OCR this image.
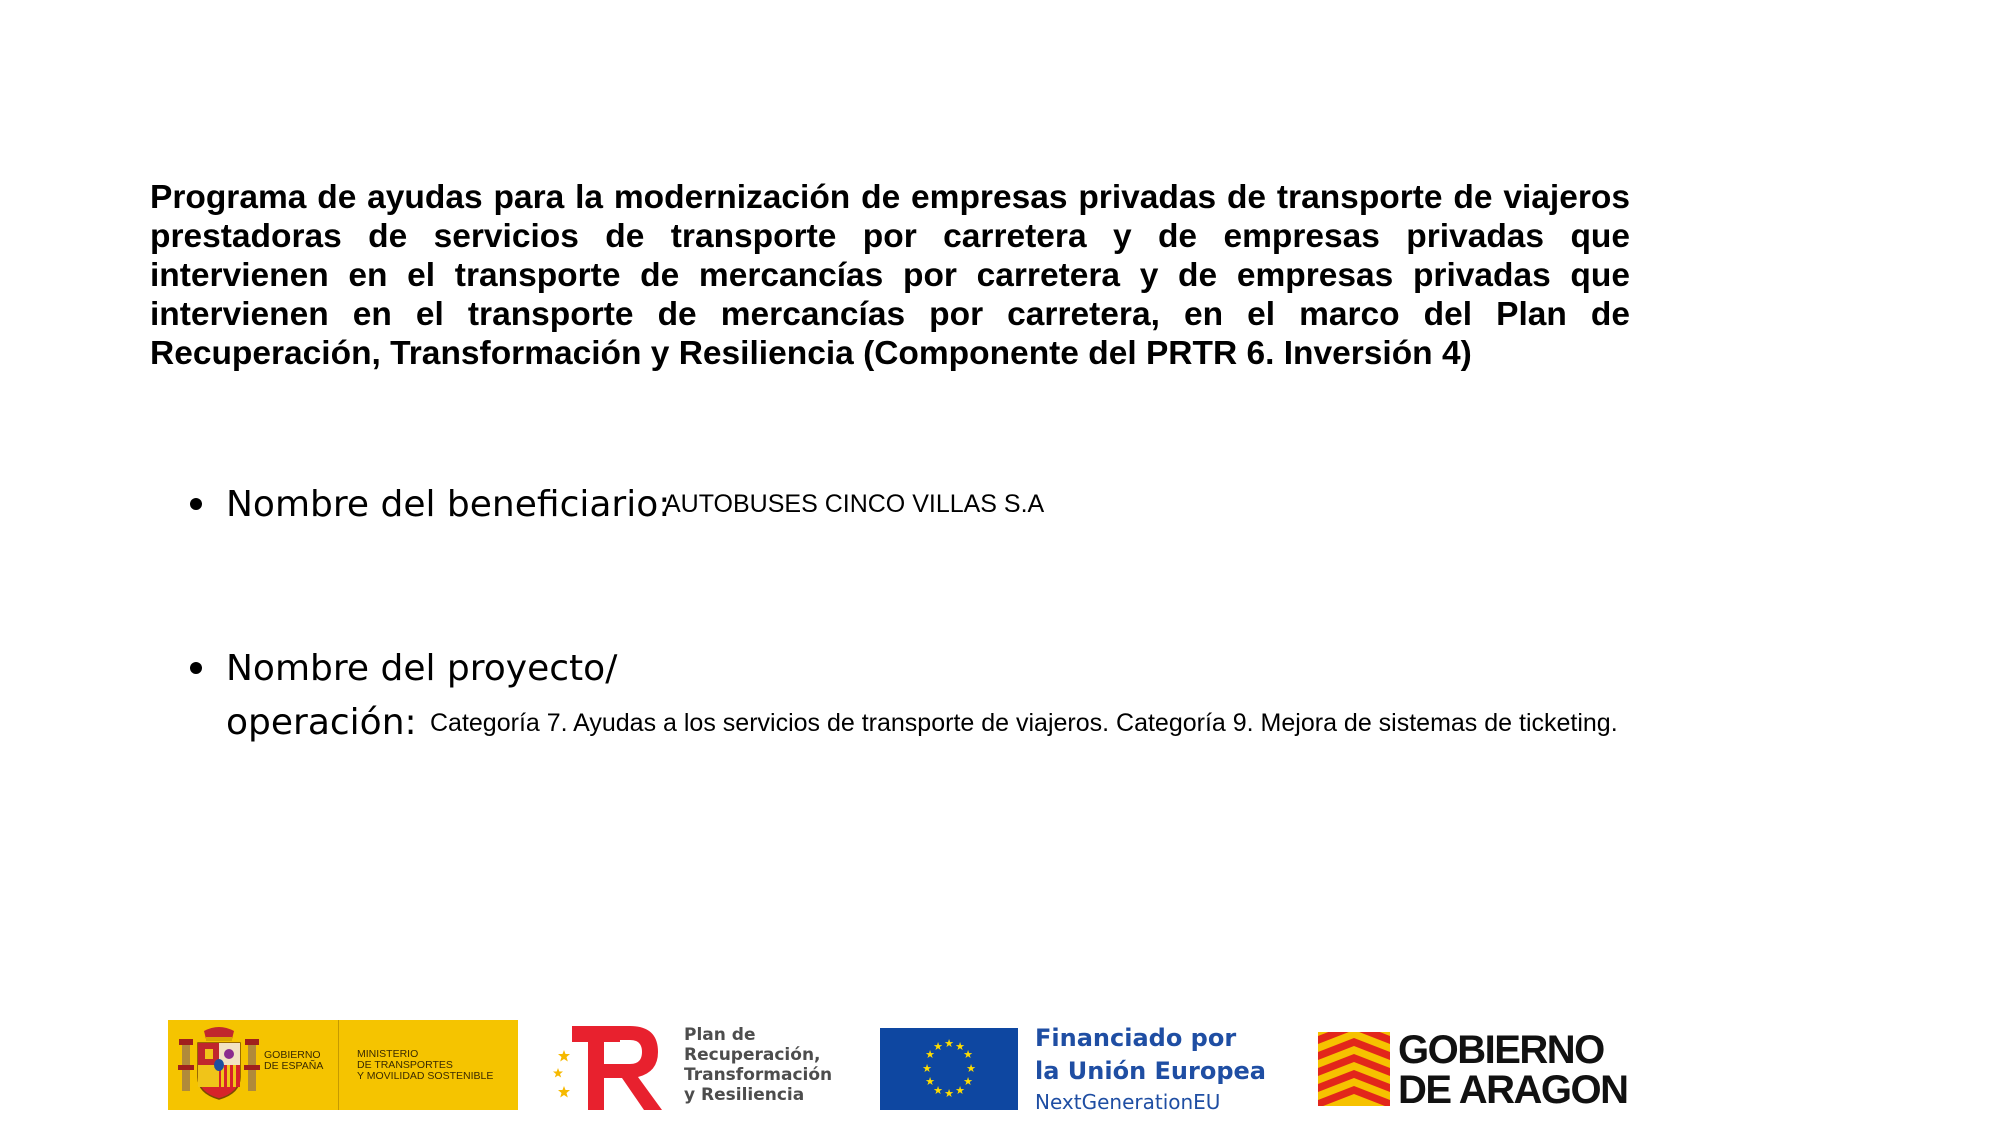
Programa de ayudas para la modernización de empresas privadas de transporte de viajeros prestadoras de servicios de transporte por carretera y de empresas privadas que intervienen en el transporte de mercancías por carretera y de empresas privadas que intervienen en el transporte de mercancías por carretera, en el marco del Plan de Recuperación, Transformación y Resiliencia (Componente del PRTR 6. Inversión 4)
Nombre del beneficiario:
AUTOBUSES CINCO VILLAS S.A
Nombre del proyecto/
operación: Categoría 7. Ayudas a los servicios de transporte de viajeros. Categoría 9. Mejora de sistemas de ticketing.
GOBIERNO
DE ESPAÑA
MINISTERIO
DE TRANSPORTES
Y MOVILIDAD SOSTENIBLE
Plan de
Recuperación,
Transformación
y Resiliencia
★ ★
★
★
★
★
★
★
★
★
★
★	Financiado por
la Unión Europea
NextGenerationEU
GOBIERNO
DE ARAGON
